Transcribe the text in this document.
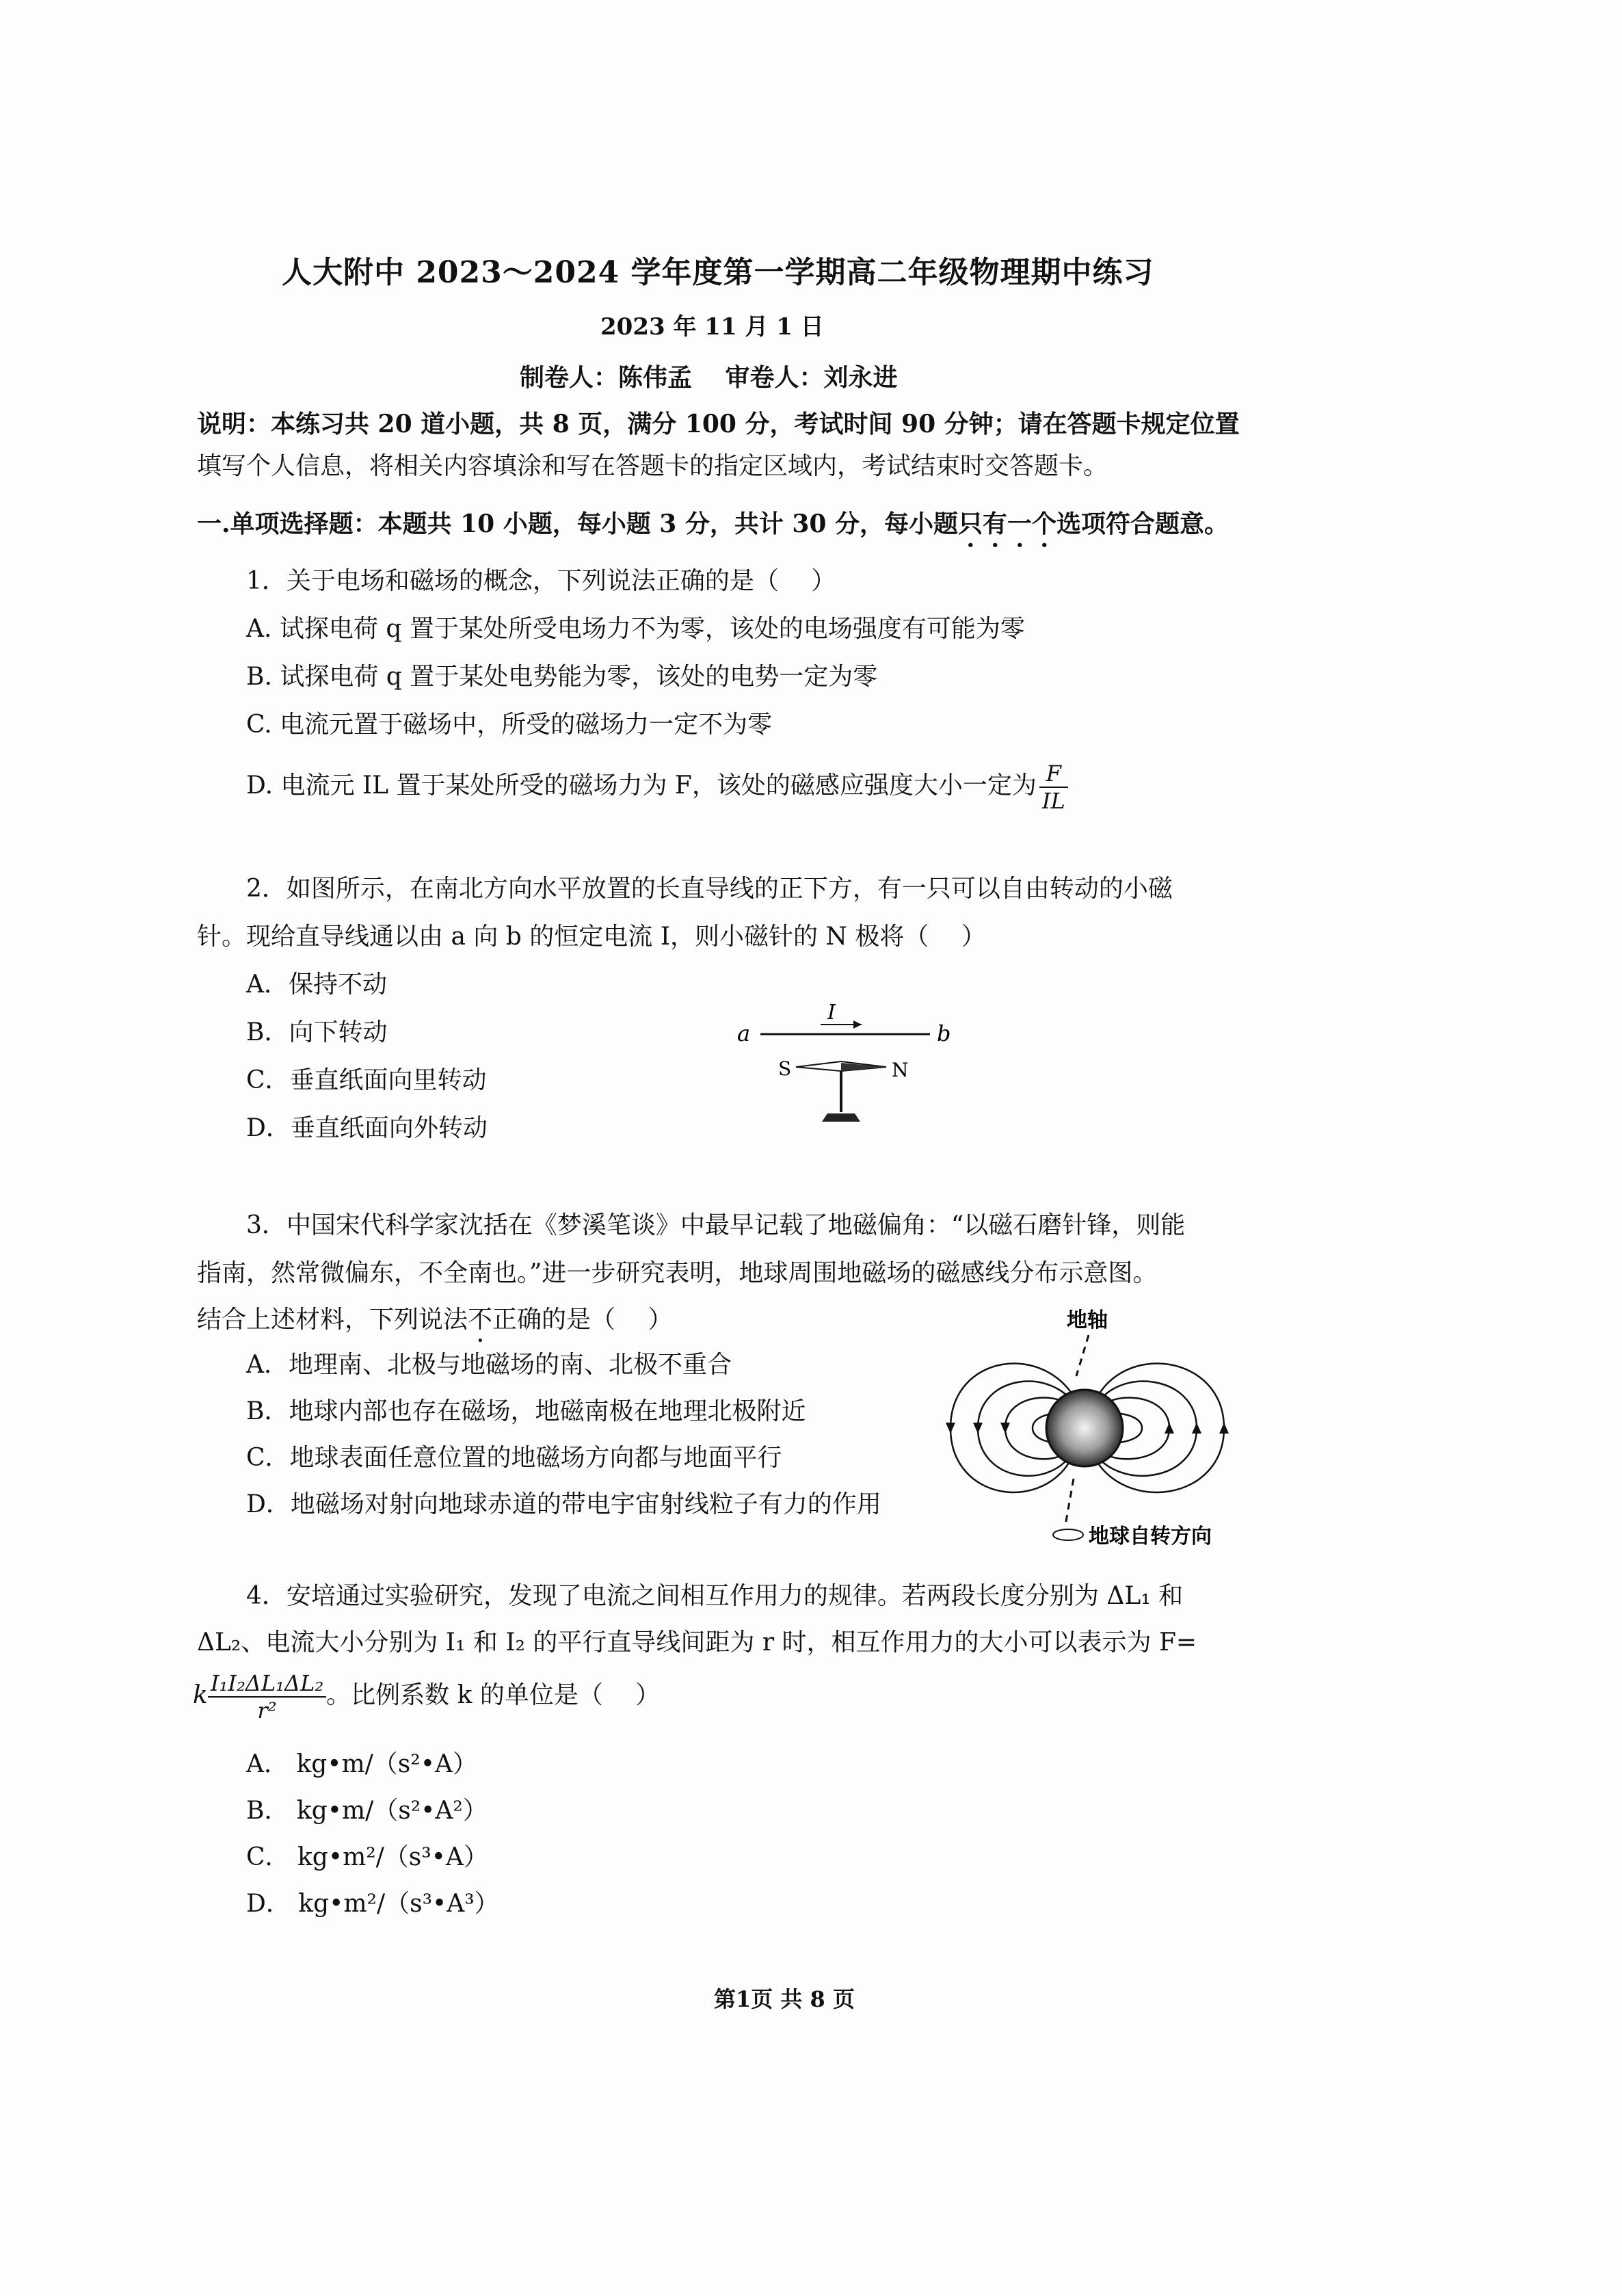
人大附中 2023～2024 学年度第一学期高二年级物理期中练习
2023 年 11 月 1 日
制卷人：陈伟孟　 审卷人：刘永进
说明：本练习共 20 道小题，共 8 页，满分 100 分，考试时间 90 分钟；请在答题卡规定位置
填写个人信息，将相关内容填涂和写在答题卡的指定区域内，考试结束时交答题卡。
一.单项选择题：本题共 10 小题，每小题 3 分，共计 30 分，每小题只有一个选项符合题意。
1．关于电场和磁场的概念，下列说法正确的是（　 ）
A. 试探电荷 q 置于某处所受电场力不为零，该处的电场强度有可能为零
B. 试探电荷 q 置于某处电势能为零，该处的电势一定为零
C. 电流元置于磁场中，所受的磁场力一定不为零
D. 电流元 IL 置于某处所受的磁场力为 F，该处的磁感应强度大小一定为 $\frac{F}{IL}$
2．如图所示，在南北方向水平放置的长直导线的正下方，有一只可以自由转动的小磁
针。现给直导线通以由 a 向 b 的恒定电流 I，则小磁针的 N 极将（　 ）
A．保持不动
B．向下转动
C．垂直纸面向里转动
D．垂直纸面向外转动
a	b
I
S	N
3．中国宋代科学家沈括在《梦溪笔谈》中最早记载了地磁偏角：“以磁石磨针锋，则能
指南，然常微偏东，不全南也。”进一步研究表明，地球周围地磁场的磁感线分布示意图。
结合上述材料，下列说法不正确的是（　 ）
A．地理南、北极与地磁场的南、北极不重合
B．地球内部也存在磁场，地磁南极在地理北极附近
C．地球表面任意位置的地磁场方向都与地面平行
D．地磁场对射向地球赤道的带电宇宙射线粒子有力的作用
地轴
地球自转方向
4．安培通过实验研究，发现了电流之间相互作用力的规律。若两段长度分别为 ΔL₁ 和
ΔL₂、电流大小分别为 I₁ 和 I₂ 的平行直导线间距为 r 时，相互作用力的大小可以表示为 F=
k $\frac{\text{I₁I₂ΔL₁ΔL₂}}{\text{r²}}$ 。比例系数 k 的单位是（　 ）
A． kg•m/（s²•A）
B． kg•m/（s²•A²）
C． kg•m²/（s³•A）
D． kg•m²/（s³•A³）
第1页 共 8 页
